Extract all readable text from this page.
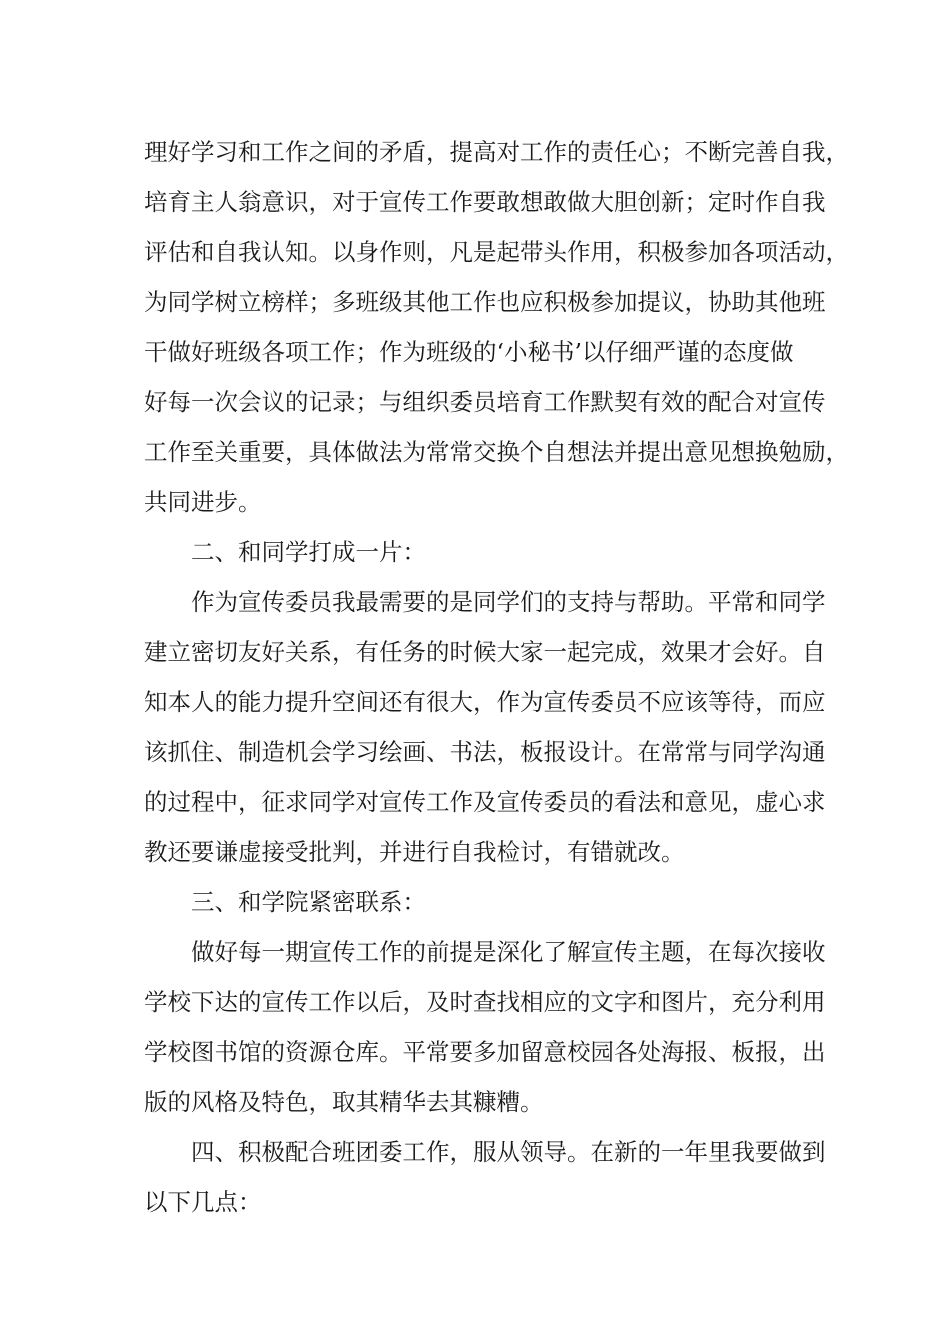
理好学习和工作之间的矛盾，提高对工作的责任心；不断完善自我，
培育主人翁意识，对于宣传工作要敢想敢做大胆创新；定时作自我
评估和自我认知。以身作则，凡是起带头作用，积极参加各项活动，
为同学树立榜样；多班级其他工作也应积极参加提议，协助其他班
干做好班级各项工作；作为班级的‘小秘书’以仔细严谨的态度做
好每一次会议的记录；与组织委员培育工作默契有效的配合对宣传
工作至关重要，具体做法为常常交换个自想法并提出意见想换勉励，
共同进步。
二、和同学打成一片：
作为宣传委员我最需要的是同学们的支持与帮助。平常和同学
建立密切友好关系，有任务的时候大家一起完成，效果才会好。自
知本人的能力提升空间还有很大，作为宣传委员不应该等待，而应
该抓住、制造机会学习绘画、书法，板报设计。在常常与同学沟通
的过程中，征求同学对宣传工作及宣传委员的看法和意见，虚心求
教还要谦虚接受批判，并进行自我检讨，有错就改。
三、和学院紧密联系：
做好每一期宣传工作的前提是深化了解宣传主题，在每次接收
学校下达的宣传工作以后，及时查找相应的文字和图片，充分利用
学校图书馆的资源仓库。平常要多加留意校园各处海报、板报，出
版的风格及特色，取其精华去其糠糟。
四、积极配合班团委工作，服从领导。在新的一年里我要做到
以下几点：
